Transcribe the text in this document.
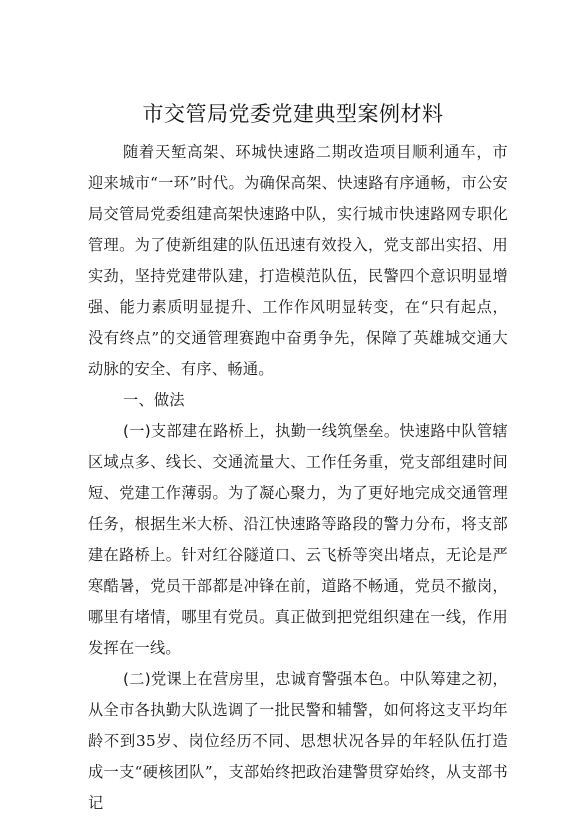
市交管局党委党建典型案例材料

随着天堑高架、环城快速路二期改造项目顺利通车，市迎来城市“一环”时代。为确保高架、快速路有序通畅，市公安局交管局党委组建高架快速路中队，实行城市快速路网专职化管理。为了使新组建的队伍迅速有效投入，党支部出实招、用实劲，坚持党建带队建，打造模范队伍，民警四个意识明显增强、能力素质明显提升、工作作风明显转变，在“只有起点，没有终点”的交通管理赛跑中奋勇争先，保障了英雄城交通大动脉的安全、有序、畅通。

一、做法

(一)支部建在路桥上，执勤一线筑堡垒。快速路中队管辖区域点多、线长、交通流量大、工作任务重，党支部组建时间短、党建工作薄弱。为了凝心聚力，为了更好地完成交通管理任务，根据生米大桥、沿江快速路等路段的警力分布，将支部建在路桥上。针对红谷隧道口、云飞桥等突出堵点，无论是严寒酷暑，党员干部都是冲锋在前，道路不畅通，党员不撤岗，哪里有堵情，哪里有党员。真正做到把党组织建在一线，作用发挥在一线。

(二)党课上在营房里，忠诚育警强本色。中队筹建之初，从全市各执勤大队选调了一批民警和辅警，如何将这支平均年龄不到35岁、岗位经历不同、思想状况各异的年轻队伍打造成一支“硬核团队”，支部始终把政治建警贯穿始终，从支部书记
